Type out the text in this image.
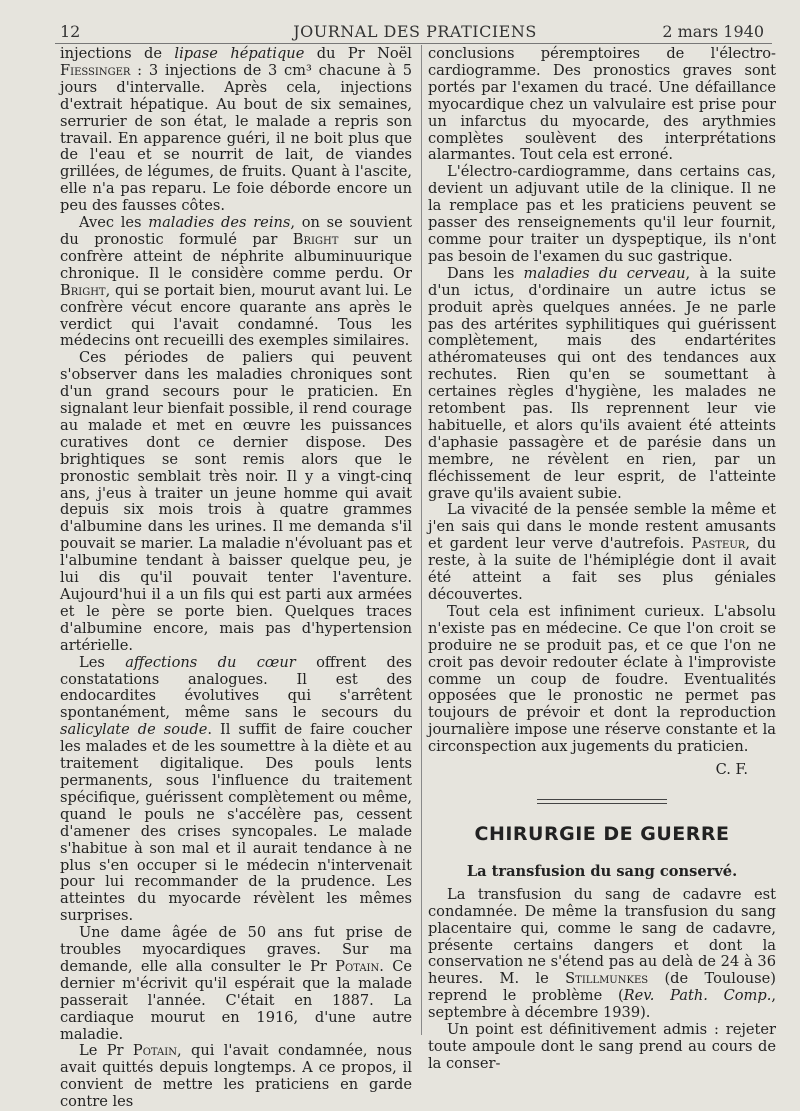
12	JOURNAL DES PRATICIENS	2 mars 1940

injections de lipase hépatique du Pr Noël Fiessinger : 3 injections de 3 cm³ chacune à 5 jours d'intervalle. Après cela, injections d'extrait hépatique. Au bout de six semaines, serrurier de son état, le malade a repris son travail. En apparence guéri, il ne boit plus que de l'eau et se nourrit de lait, de viandes grillées, de légumes, de fruits. Quant à l'ascite, elle n'a pas reparu. Le foie déborde encore un peu des fausses côtes.

Avec les maladies des reins, on se souvient du pronostic formulé par Bright sur un confrère atteint de néphrite albuminuurique chronique. Il le considère comme perdu. Or Bright, qui se portait bien, mourut avant lui. Le confrère vécut encore quarante ans après le verdict qui l'avait condamné. Tous les médecins ont recueilli des exemples similaires.

Ces périodes de paliers qui peuvent s'observer dans les maladies chroniques sont d'un grand secours pour le praticien. En signalant leur bienfait possible, il rend courage au malade et met en œuvre les puissances curatives dont ce dernier dispose. Des brightiques se sont remis alors que le pronostic semblait très noir. Il y a vingt-cinq ans, j'eus à traiter un jeune homme qui avait depuis six mois trois à quatre grammes d'albumine dans les urines. Il me demanda s'il pouvait se marier. La maladie n'évoluant pas et l'albumine tendant à baisser quelque peu, je lui dis qu'il pouvait tenter l'aventure. Aujourd'hui il a un fils qui est parti aux armées et le père se porte bien. Quelques traces d'albumine encore, mais pas d'hypertension artérielle.

Les affections du cœur offrent des constatations analogues. Il est des endocardites évolutives qui s'arrêtent spontanément, même sans le secours du salicylate de soude. Il suffit de faire coucher les malades et de les soumettre à la diète et au traitement digitalique. Des pouls lents permanents, sous l'influence du traitement spécifique, guérissent complètement ou même, quand le pouls ne s'accélère pas, cessent d'amener des crises syncopales. Le malade s'habitue à son mal et il aurait tendance à ne plus s'en occuper si le médecin n'intervenait pour lui recommander de la prudence. Les atteintes du myocarde révèlent les mêmes surprises.

Une dame âgée de 50 ans fut prise de troubles myocardiques graves. Sur ma demande, elle alla consulter le Pr Potain. Ce dernier m'écrivit qu'il espérait que la malade passerait l'année. C'était en 1887. La cardiaque mourut en 1916, d'une autre maladie.

Le Pr Potain, qui l'avait condamnée, nous avait quittés depuis longtemps. A ce propos, il convient de mettre les praticiens en garde contre les

conclusions péremptoires de l'électro-cardiogramme. Des pronostics graves sont portés par l'examen du tracé. Une défaillance myocardique chez un valvulaire est prise pour un infarctus du myocarde, des arythmies complètes soulèvent des interprétations alarmantes. Tout cela est erroné.

L'électro-cardiogramme, dans certains cas, devient un adjuvant utile de la clinique. Il ne la remplace pas et les praticiens peuvent se passer des renseignements qu'il leur fournit, comme pour traiter un dyspeptique, ils n'ont pas besoin de l'examen du suc gastrique.

Dans les maladies du cerveau, à la suite d'un ictus, d'ordinaire un autre ictus se produit après quelques années. Je ne parle pas des artérites syphilitiques qui guérissent complètement, mais des endartérites athéromateuses qui ont des tendances aux rechutes. Rien qu'en se soumettant à certaines règles d'hygiène, les malades ne retombent pas. Ils reprennent leur vie habituelle, et alors qu'ils avaient été atteints d'aphasie passagère et de parésie dans un membre, ne révèlent en rien, par un fléchissement de leur esprit, de l'atteinte grave qu'ils avaient subie.

La vivacité de la pensée semble la même et j'en sais qui dans le monde restent amusants et gardent leur verve d'autrefois. Pasteur, du reste, à la suite de l'hémiplégie dont il avait été atteint a fait ses plus géniales découvertes.

Tout cela est infiniment curieux. L'absolu n'existe pas en médecine. Ce que l'on croit se produire ne se produit pas, et ce que l'on ne croit pas devoir redouter éclate à l'improviste comme un coup de foudre. Eventualités opposées que le pronostic ne permet pas toujours de prévoir et dont la reproduction journalière impose une réserve constante et la circonspection aux jugements du praticien.

C. F.

CHIRURGIE DE GUERRE
La transfusion du sang conservé.

La transfusion du sang de cadavre est condamnée. De même la transfusion du sang placentaire qui, comme le sang de cadavre, présente certains dangers et dont la conservation ne s'étend pas au delà de 24 à 36 heures. M. le Stillmunkes (de Toulouse) reprend le problème (Rev. Path. Comp., septembre à décembre 1939).

Un point est définitivement admis : rejeter toute ampoule dont le sang prend au cours de la conser-
